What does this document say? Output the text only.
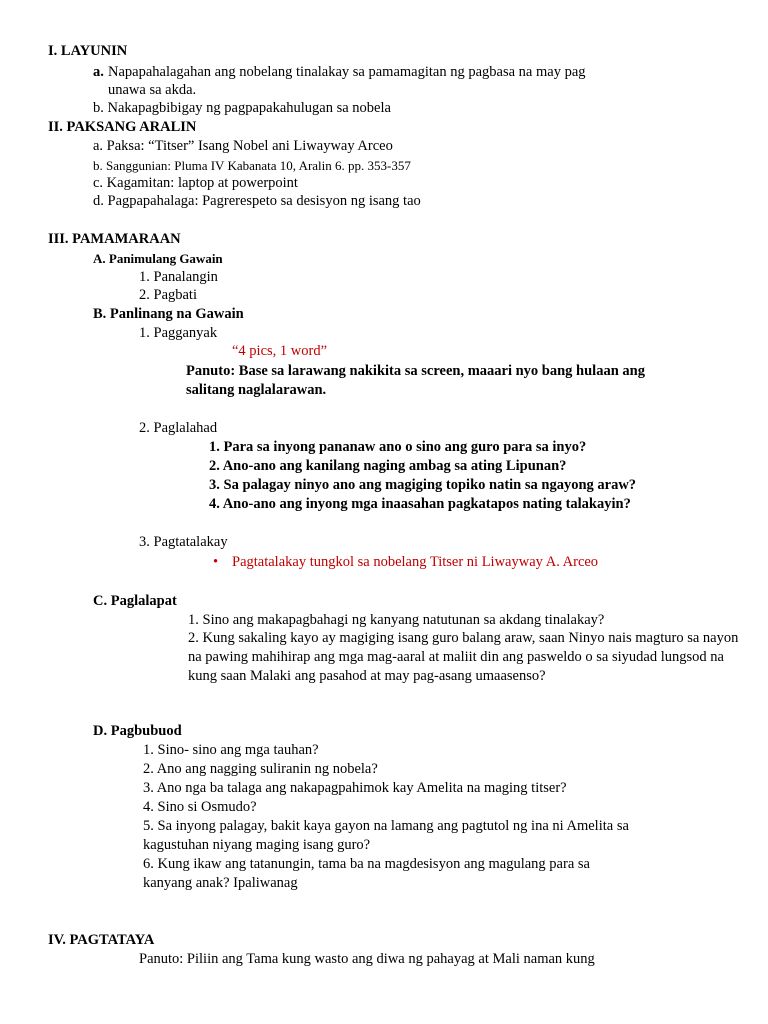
I. LAYUNIN
a. Napapahalagahan ang nobelang tinalakay sa pamamagitan ng pagbasa na may pag
unawa sa akda.
b. Nakapagbibigay ng pagpapakahulugan sa nobela
II. PAKSANG ARALIN
a. Paksa: “Titser” Isang Nobel ani Liwayway Arceo
b. Sanggunian: Pluma IV Kabanata 10, Aralin 6. pp. 353-357
c. Kagamitan: laptop at powerpoint
d. Pagpapahalaga: Pagrerespeto sa desisyon ng isang tao
III. PAMAMARAAN
A. Panimulang Gawain
1. Panalangin
2. Pagbati
B. Panlinang na Gawain
1. Pagganyak
“4 pics, 1 word”
Panuto: Base sa larawang nakikita sa screen, maaari nyo bang hulaan ang
salitang naglalarawan.
2. Paglalahad
1. Para sa inyong pananaw ano o sino ang guro para sa inyo?
2. Ano-ano ang kanilang naging ambag sa ating Lipunan?
3. Sa palagay ninyo ano ang magiging topiko natin sa ngayong araw?
4. Ano-ano ang inyong mga inaasahan pagkatapos nating talakayin?
3. Pagtatalakay
• Pagtatalakay tungkol sa nobelang Titser ni Liwayway A. Arceo
C. Paglalapat
1. Sino ang makapagbahagi ng kanyang natutunan sa akdang tinalakay?
2. Kung sakaling kayo ay magiging isang guro balang araw, saan Ninyo nais magturo sa nayon na pawing mahihirap ang mga mag-aaral at maliit din ang pasweldo o sa siyudad lungsod na kung saan Malaki ang pasahod at may pag-asang umaasenso?
D. Pagbubuod
1. Sino- sino ang mga tauhan?
2. Ano ang nagging suliranin ng nobela?
3. Ano nga ba talaga ang nakapagpahimok kay Amelita na maging titser?
4. Sino si Osmudo?
5. Sa inyong palagay, bakit kaya gayon na lamang ang pagtutol ng ina ni Amelita sa
kagustuhan niyang maging isang guro?
6. Kung ikaw ang tatanungin, tama ba na magdesisyon ang magulang para sa
kanyang anak? Ipaliwanag
IV. PAGTATAYA
Panuto: Piliin ang Tama kung wasto ang diwa ng pahayag at Mali naman kung
